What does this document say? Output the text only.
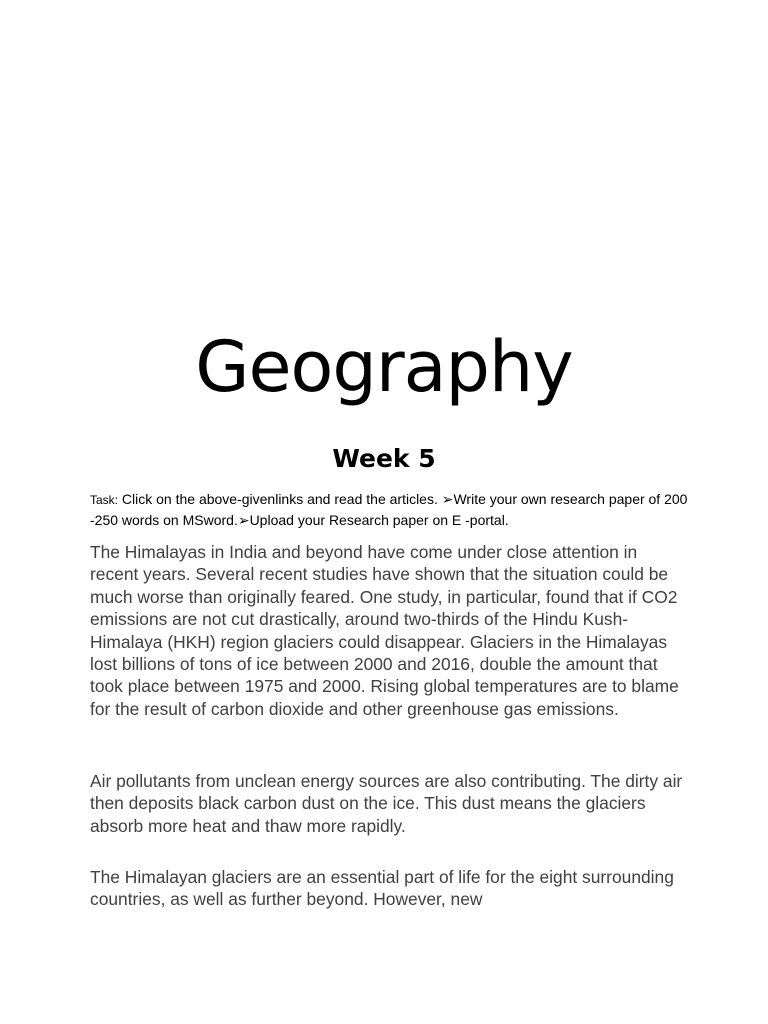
Geography
Week 5

Task: Click on the above-givenlinks and read the articles. ➢Write your own research paper of 200 -250 words on MSword.➢Upload your Research paper on E -portal.

The Himalayas in India and beyond have come under close attention in recent years. Several recent studies have shown that the situation could be much worse than originally feared. One study, in particular, found that if CO2 emissions are not cut drastically, around two-thirds of the Hindu Kush-Himalaya (HKH) region glaciers could disappear. Glaciers in the Himalayas lost billions of tons of ice between 2000 and 2016, double the amount that took place between 1975 and 2000. Rising global temperatures are to blame for the result of carbon dioxide and other greenhouse gas emissions.

Air pollutants from unclean energy sources are also contributing. The dirty air then deposits black carbon dust on the ice. This dust means the glaciers absorb more heat and thaw more rapidly.

The Himalayan glaciers are an essential part of life for the eight surrounding countries, as well as further beyond. However, new
